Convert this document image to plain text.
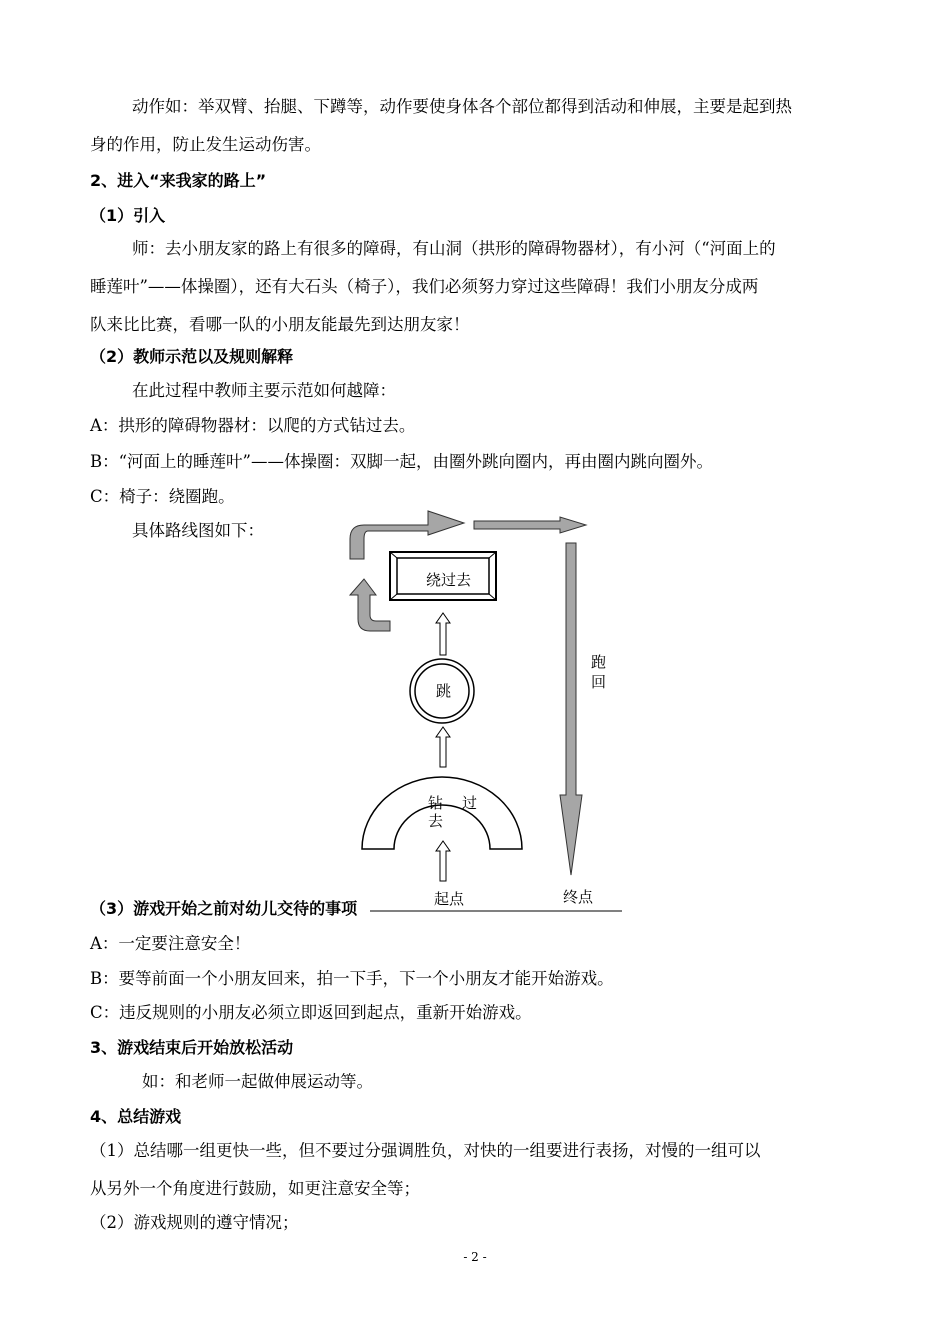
动作如：举双臂、抬腿、下蹲等，动作要使身体各个部位都得到活动和伸展，主要是起到热
身的作用，防止发生运动伤害。
2、进入“来我家的路上”
（1）引入
师：去小朋友家的路上有很多的障碍，有山洞（拱形的障碍物器材），有小河（“河面上的
睡莲叶”——体操圈），还有大石头（椅子），我们必须努力穿过这些障碍！我们小朋友分成两
队来比比赛，看哪一队的小朋友能最先到达朋友家！
（2）教师示范以及规则解释
在此过程中教师主要示范如何越障：
A：拱形的障碍物器材：以爬的方式钻过去。
B：“河面上的睡莲叶”——体操圈：双脚一起，由圈外跳向圈内，再由圈内跳向圈外。
C：椅子：绕圈跑。
具体路线图如下：
绕过去
跳
钻 过
去
跑
回
起点	终点
（3）游戏开始之前对幼儿交待的事项
A：一定要注意安全！
B：要等前面一个小朋友回来，拍一下手，下一个小朋友才能开始游戏。
C：违反规则的小朋友必须立即返回到起点，重新开始游戏。
3、游戏结束后开始放松活动
如：和老师一起做伸展运动等。
4、总结游戏
（1）总结哪一组更快一些，但不要过分强调胜负，对快的一组要进行表扬，对慢的一组可以
从另外一个角度进行鼓励，如更注意安全等；
（2）游戏规则的遵守情况；
- 2 -
